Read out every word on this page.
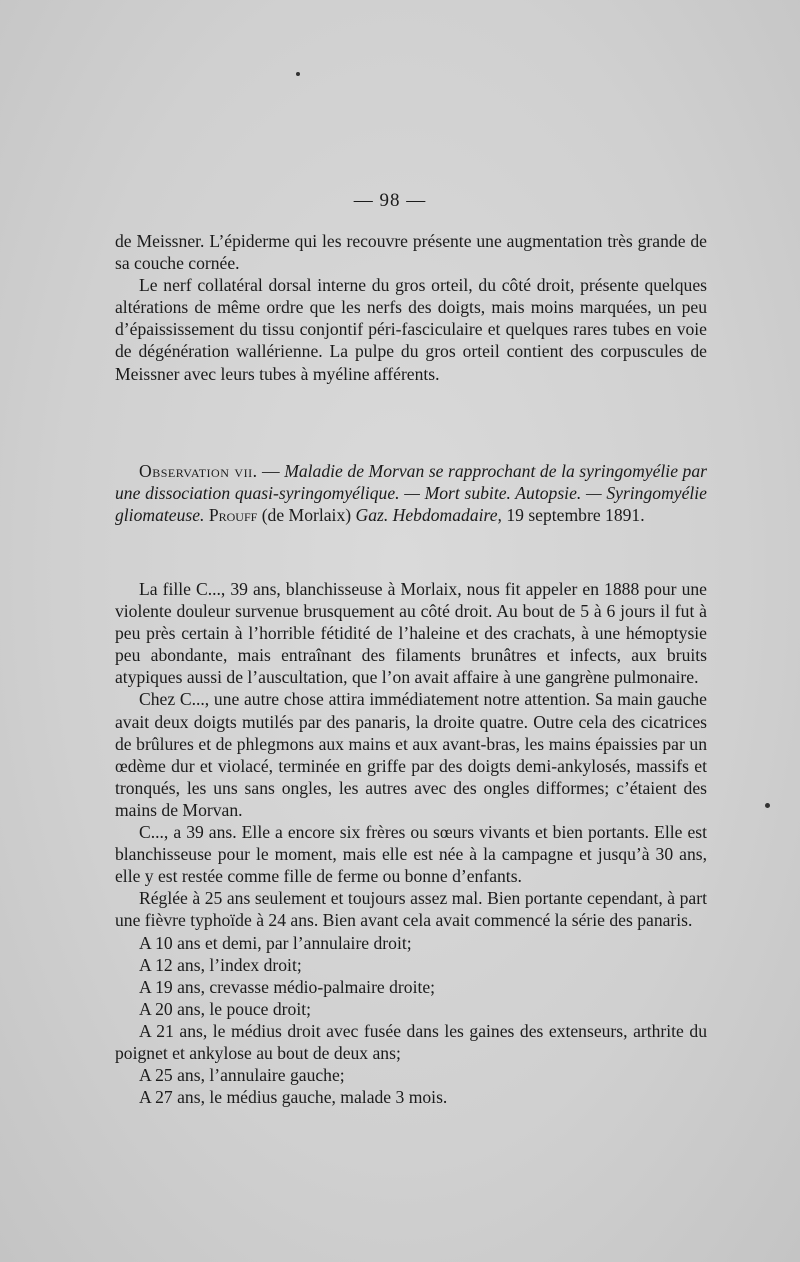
— 98 —

de Meissner. L’épiderme qui les recouvre présente une augmentation très grande de sa couche cornée.

Le nerf collatéral dorsal interne du gros orteil, du côté droit, présente quelques altérations de même ordre que les nerfs des doigts, mais moins marquées, un peu d’épaississement du tissu conjontif péri-fasciculaire et quelques rares tubes en voie de dégénération wallérienne. La pulpe du gros orteil contient des corpuscules de Meissner avec leurs tubes à myéline afférents.

Observation vii. — Maladie de Morvan se rapprochant de la syringomyélie par une dissociation quasi-syringomyélique. — Mort subite. Autopsie. — Syringomyélie gliomateuse. Prouff (de Morlaix) Gaz. Hebdomadaire, 19 septembre 1891.

La fille C..., 39 ans, blanchisseuse à Morlaix, nous fit appeler en 1888 pour une violente douleur survenue brusquement au côté droit. Au bout de 5 à 6 jours il fut à peu près certain à l’horrible fétidité de l’haleine et des crachats, à une hémoptysie peu abondante, mais entraînant des filaments brunâtres et infects, aux bruits atypiques aussi de l’auscultation, que l’on avait affaire à une gangrène pulmonaire.

Chez C..., une autre chose attira immédiatement notre attention. Sa main gauche avait deux doigts mutilés par des panaris, la droite quatre. Outre cela des cicatrices de brûlures et de phlegmons aux mains et aux avant-bras, les mains épaissies par un œdème dur et violacé, terminée en griffe par des doigts demi-ankylosés, massifs et tronqués, les uns sans ongles, les autres avec des ongles difformes; c’étaient des mains de Morvan.

C..., a 39 ans. Elle a encore six frères ou sœurs vivants et bien portants. Elle est blanchisseuse pour le moment, mais elle est née à la campagne et jusqu’à 30 ans, elle y est restée comme fille de ferme ou bonne d’enfants.

Réglée à 25 ans seulement et toujours assez mal. Bien portante cependant, à part une fièvre typhoïde à 24 ans. Bien avant cela avait commencé la série des panaris.

A 10 ans et demi, par l’annulaire droit;
A 12 ans, l’index droit;
A 19 ans, crevasse médio-palmaire droite;
A 20 ans, le pouce droit;
A 21 ans, le médius droit avec fusée dans les gaines des extenseurs, arthrite du poignet et ankylose au bout de deux ans;
A 25 ans, l’annulaire gauche;
A 27 ans, le médius gauche, malade 3 mois.
